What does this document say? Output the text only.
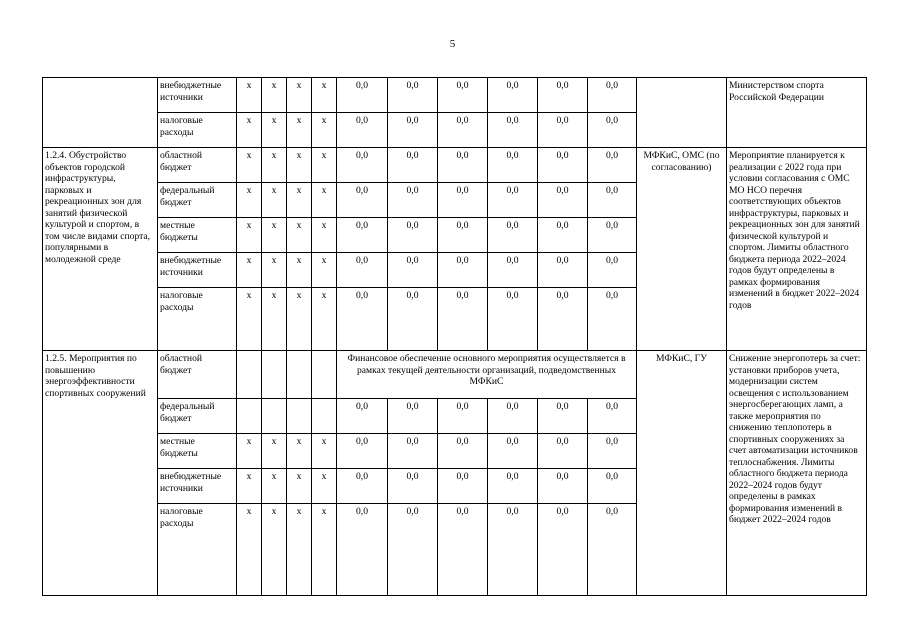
5
	внебюджетные источники	x	x	x	x	0,0	0,0	0,0	0,0	0,0	0,0		Министерством спорта Российской Федерации
	налоговые расходы	x	x	x	x	0,0	0,0	0,0	0,0	0,0	0,0		
1.2.4. Обустройство объектов городской инфраструктуры, парковых и рекреационных зон для занятий физической культурой и спортом, в том числе видами спорта, популярными в молодежной среде	областной бюджет	x	x	x	x	0,0	0,0	0,0	0,0	0,0	0,0	МФКиС, ОМС (по согласованию)	Мероприятие планируется к реализации с 2022 года при условии согласования с ОМС МО НСО перечня соответствующих объектов инфраструктуры, парковых и рекреационных зон для занятий физической культурой и спортом. Лимиты областного бюджета периода 2022–2024 годов будут определены в рамках формирования изменений в бюджет 2022–2024 годов
	федеральный бюджет	x	x	x	x	0,0	0,0	0,0	0,0	0,0	0,0		
	местные бюджеты	x	x	x	x	0,0	0,0	0,0	0,0	0,0	0,0		
	внебюджетные источники	x	x	x	x	0,0	0,0	0,0	0,0	0,0	0,0		
	налоговые расходы	x	x	x	x	0,0	0,0	0,0	0,0	0,0	0,0		
1.2.5. Мероприятия по повышению энергоэффективности спортивных сооружений	областной бюджет					Финансовое обеспечение основного мероприятия осуществляется в рамках текущей деятельности организаций, подведомственных МФКиС						МФКиС, ГУ	Снижение энергопотерь за счет: установки приборов учета, модернизации систем освещения с использованием энергосберегающих ламп, а также мероприятия по снижению теплопотерь в спортивных сооружениях за счет автоматизации источников теплоснабжения. Лимиты областного бюджета периода 2022–2024 годов будут определены в рамках формирования изменений в бюджет 2022–2024 годов
	федеральный бюджет					0,0	0,0	0,0	0,0	0,0	0,0		
	местные бюджеты	x	x	x	x	0,0	0,0	0,0	0,0	0,0	0,0		
	внебюджетные источники	x	x	x	x	0,0	0,0	0,0	0,0	0,0	0,0		
	налоговые расходы	x	x	x	x	0,0	0,0	0,0	0,0	0,0	0,0		
